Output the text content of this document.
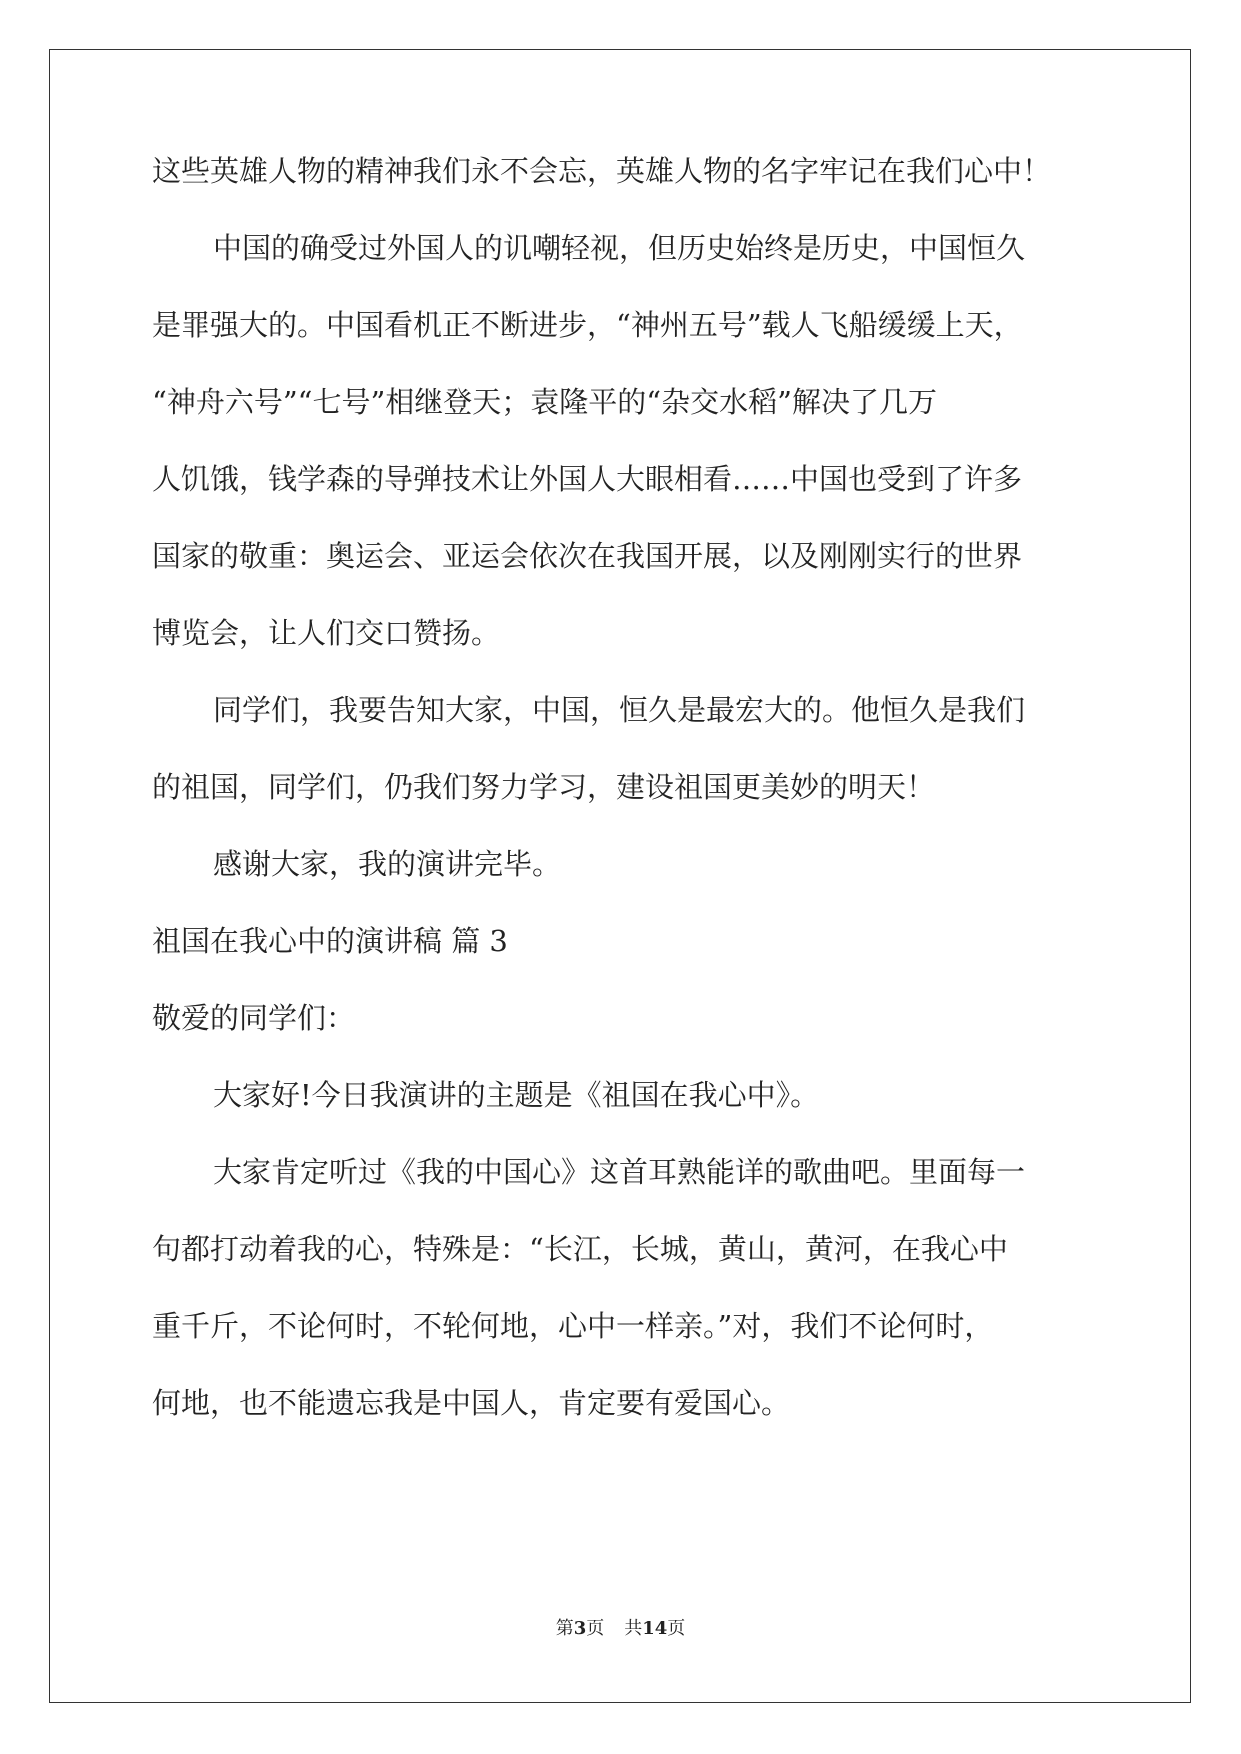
这些英雄人物的精神我们永不会忘，英雄人物的名字牢记在我们心中！
中国的确受过外国人的讥嘲轻视，但历史始终是历史，中国恒久
是罪强大的。中国看机正不断进步，“神州五号”载人飞船缓缓上天，
“神舟六号”“七号”相继登天；袁隆平的“杂交水稻”解决了几万
人饥饿，钱学森的导弹技术让外国人大眼相看……中国也受到了许多
国家的敬重：奥运会、亚运会依次在我国开展，以及刚刚实行的世界
博览会，让人们交口赞扬。
同学们，我要告知大家，中国，恒久是最宏大的。他恒久是我们
的祖国，同学们，仍我们努力学习，建设祖国更美妙的明天！
感谢大家，我的演讲完毕。
祖国在我心中的演讲稿 篇 3
敬爱的同学们：
大家好!今日我演讲的主题是《祖国在我心中》。
大家肯定听过《我的中国心》这首耳熟能详的歌曲吧。里面每一
句都打动着我的心，特殊是：“长江，长城，黄山，黄河，在我心中
重千斤，不论何时，不轮何地，心中一样亲。”对，我们不论何时，
何地，也不能遗忘我是中国人，肯定要有爱国心。
第3页 共14页
